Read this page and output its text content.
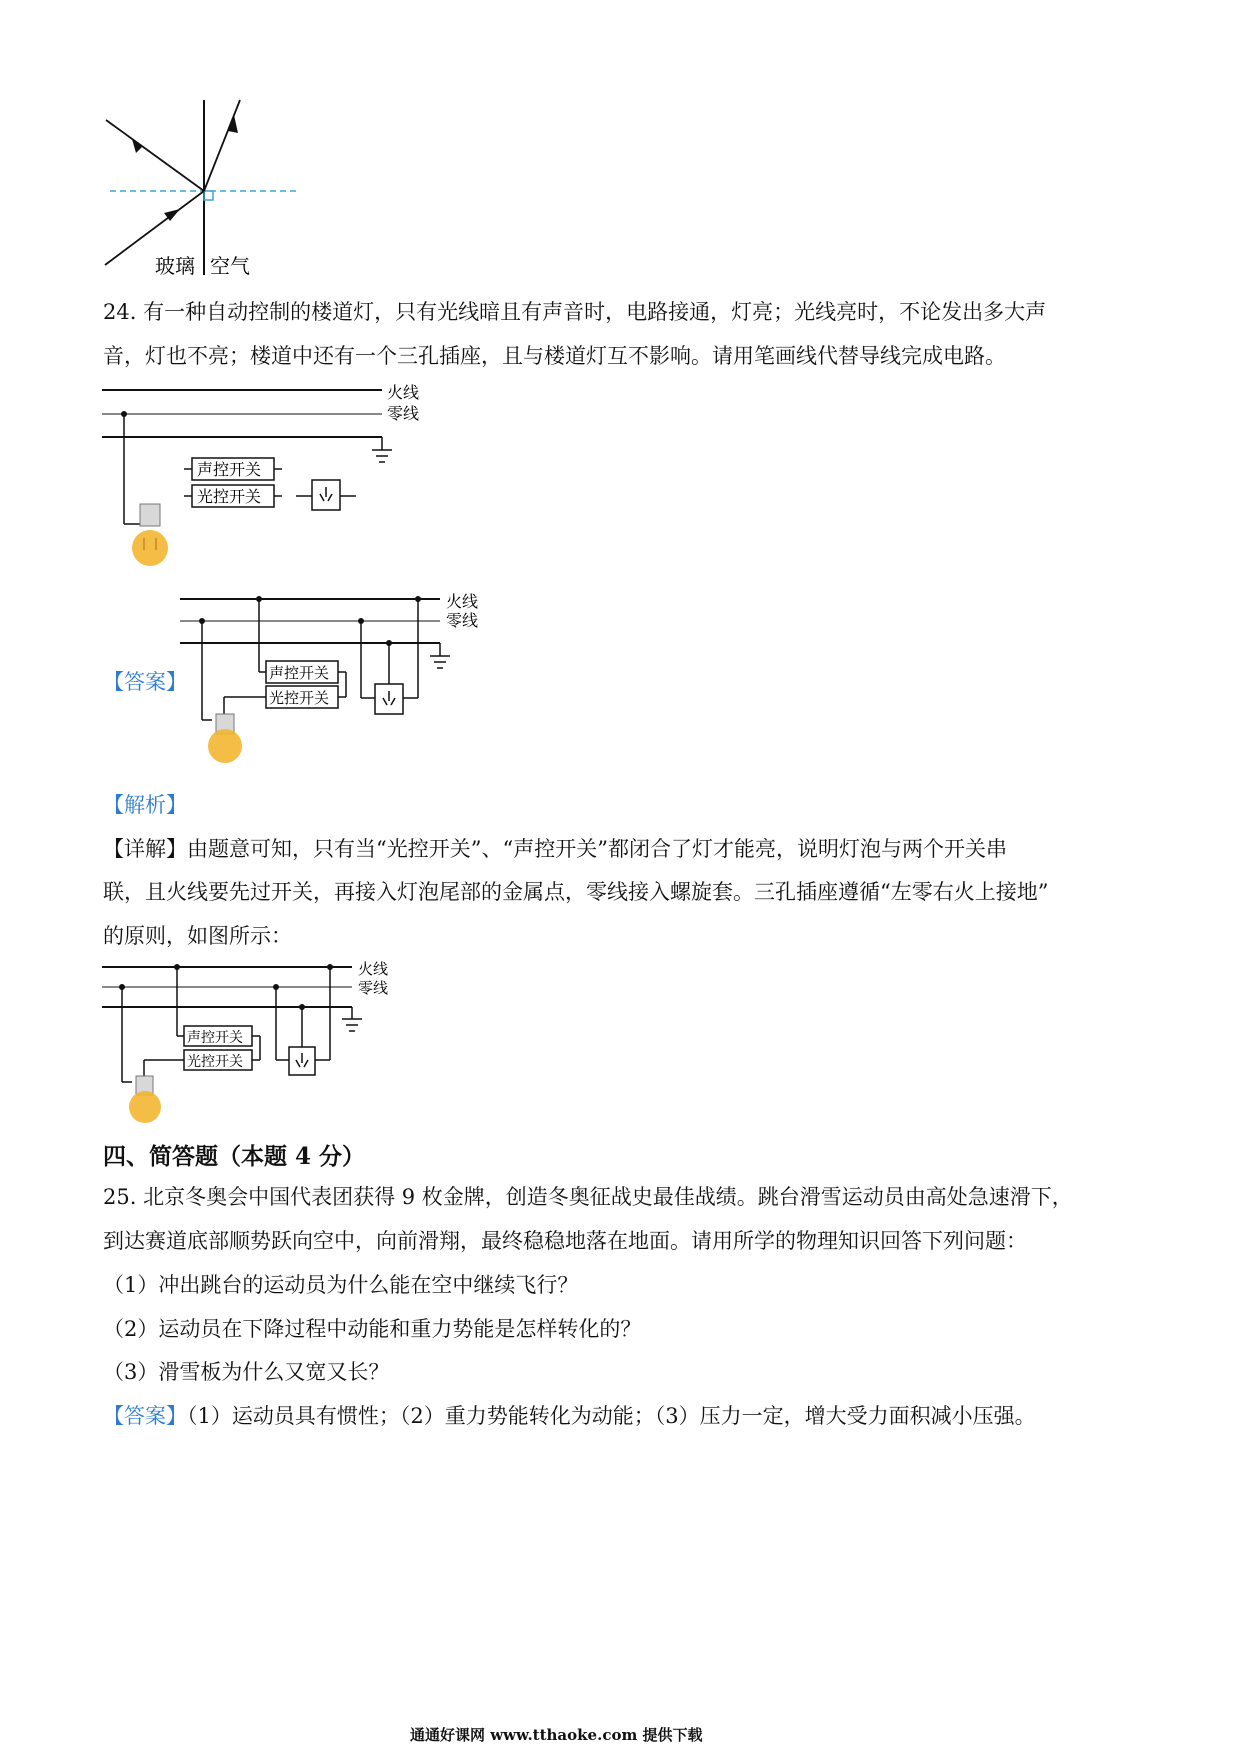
玻璃 空气
24. 有一种自动控制的楼道灯，只有光线暗且有声音时，电路接通，灯亮；光线亮时，不论发出多大声
音，灯也不亮；楼道中还有一个三孔插座，且与楼道灯互不影响。请用笔画线代替导线完成电路。
火线
零线
声控开关
光控开关
【答案】
火线
零线
声控开关
光控开关
【解析】
【详解】由题意可知，只有当“光控开关”、“声控开关”都闭合了灯才能亮，说明灯泡与两个开关串
联，且火线要先过开关，再接入灯泡尾部的金属点，零线接入螺旋套。三孔插座遵循“左零右火上接地”
的原则，如图所示：
火线
零线
声控开关
光控开关
四、简答题（本题 4 分）
25. 北京冬奥会中国代表团获得 9 枚金牌，创造冬奥征战史最佳战绩。跳台滑雪运动员由高处急速滑下，
到达赛道底部顺势跃向空中，向前滑翔，最终稳稳地落在地面。请用所学的物理知识回答下列问题：
（1）冲出跳台的运动员为什么能在空中继续飞行？
（2）运动员在下降过程中动能和重力势能是怎样转化的？
（3）滑雪板为什么又宽又长？
【答案】（1）运动员具有惯性；（2）重力势能转化为动能；（3）压力一定，增大受力面积减小压强。
通通好课网 www.tthaoke.com 提供下载
